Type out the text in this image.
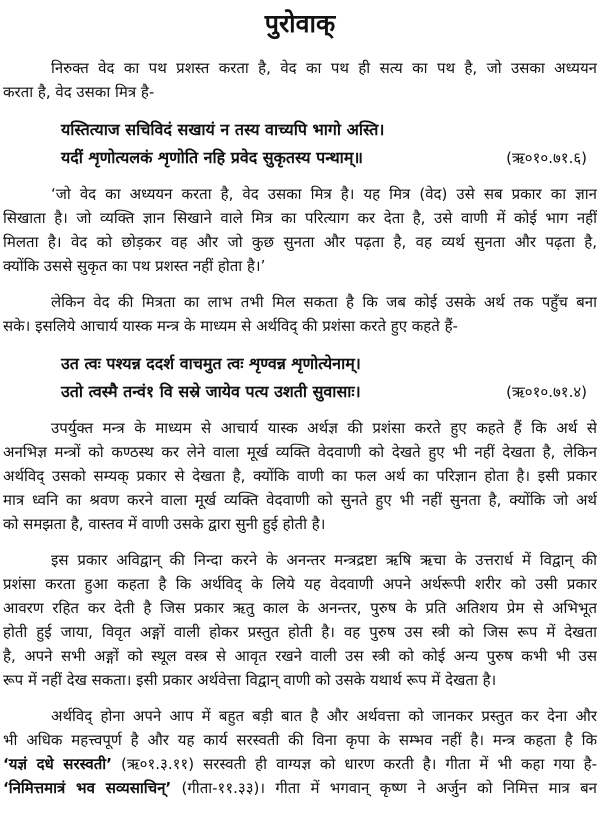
पुरोवाक्
निरुक्त वेद का पथ प्रशस्त करता है, वेद का पथ ही सत्य का पथ है, जो उसका अध्ययन
करता है, वेद उसका मित्र है-
यस्तित्याज सचिविदं सखायं न तस्य वाच्यपि भागो अस्ति।
यदीं शृणोत्यलकं शृणोति नहि प्रवेद सुकृतस्य पन्थाम्॥	(ऋ०१०.७१.६)
‘जो वेद का अध्ययन करता है, वेद उसका मित्र है। यह मित्र (वेद) उसे सब प्रकार का ज्ञान
सिखाता है। जो व्यक्ति ज्ञान सिखाने वाले मित्र का परित्याग कर देता है, उसे वाणी में कोई भाग नहीं
मिलता है। वेद को छोड़कर वह और जो कुछ सुनता और पढ़ता है, वह व्यर्थ सुनता और पढ़ता है,
क्योंकि उससे सुकृत का पथ प्रशस्त नहीं होता है।’
लेकिन वेद की मित्रता का लाभ तभी मिल सकता है कि जब कोई उसके अर्थ तक पहुँच बना
सके। इसलिये आचार्य यास्क मन्त्र के माध्यम से अर्थविद् की प्रशंसा करते हुए कहते हैं-
उत त्वः पश्यन्न ददर्श वाचमुत त्वः शृण्वन्न शृणोत्येनाम्।
उतो त्वस्मै तन्वं१ वि सस्रे जायेव पत्य उशती सुवासाः।	(ऋ०१०.७१.४)
उपर्युक्त मन्त्र के माध्यम से आचार्य यास्क अर्थज्ञ की प्रशंसा करते हुए कहते हैं कि अर्थ से
अनभिज्ञ मन्त्रों को कण्ठस्थ कर लेने वाला मूर्ख व्यक्ति वेदवाणी को देखते हुए भी नहीं देखता है, लेकिन
अर्थविद् उसको सम्यक् प्रकार से देखता है, क्योंकि वाणी का फल अर्थ का परिज्ञान होता है। इसी प्रकार
मात्र ध्वनि का श्रवण करने वाला मूर्ख व्यक्ति वेदवाणी को सुनते हुए भी नहीं सुनता है, क्योंकि जो अर्थ
को समझता है, वास्तव में वाणी उसके द्वारा सुनी हुई होती है।
इस प्रकार अविद्वान् की निन्दा करने के अनन्तर मन्त्रद्रष्टा ऋषि ऋचा के उत्तरार्ध में विद्वान् की
प्रशंसा करता हुआ कहता है कि अर्थविद् के लिये यह वेदवाणी अपने अर्थरूपी शरीर को उसी प्रकार
आवरण रहित कर देती है जिस प्रकार ऋतु काल के अनन्तर, पुरुष के प्रति अतिशय प्रेम से अभिभूत
होती हुई जाया, विवृत अङ्गों वाली होकर प्रस्तुत होती है। वह पुरुष उस स्त्री को जिस रूप में देखता
है, अपने सभी अङ्गों को स्थूल वस्त्र से आवृत रखने वाली उस स्त्री को कोई अन्य पुरुष कभी भी उस
रूप में नहीं देख सकता। इसी प्रकार अर्थवेत्ता विद्वान् वाणी को उसके यथार्थ रूप में देखता है।
अर्थविद् होना अपने आप में बहुत बड़ी बात है और अर्थवत्ता को जानकर प्रस्तुत कर देना और
भी अधिक महत्त्वपूर्ण है और यह कार्य सरस्वती की विना कृपा के सम्भव नहीं है। मन्त्र कहता है कि
‘यज्ञं दधे सरस्वती’ (ऋ०१.३.११) सरस्वती ही वाग्यज्ञ को धारण करती है। गीता में भी कहा गया है-
‘निमित्तमात्रं भव सव्यसाचिन्’ (गीता-११.३३)। गीता में भगवान् कृष्ण ने अर्जुन को निमित्त मात्र बन
